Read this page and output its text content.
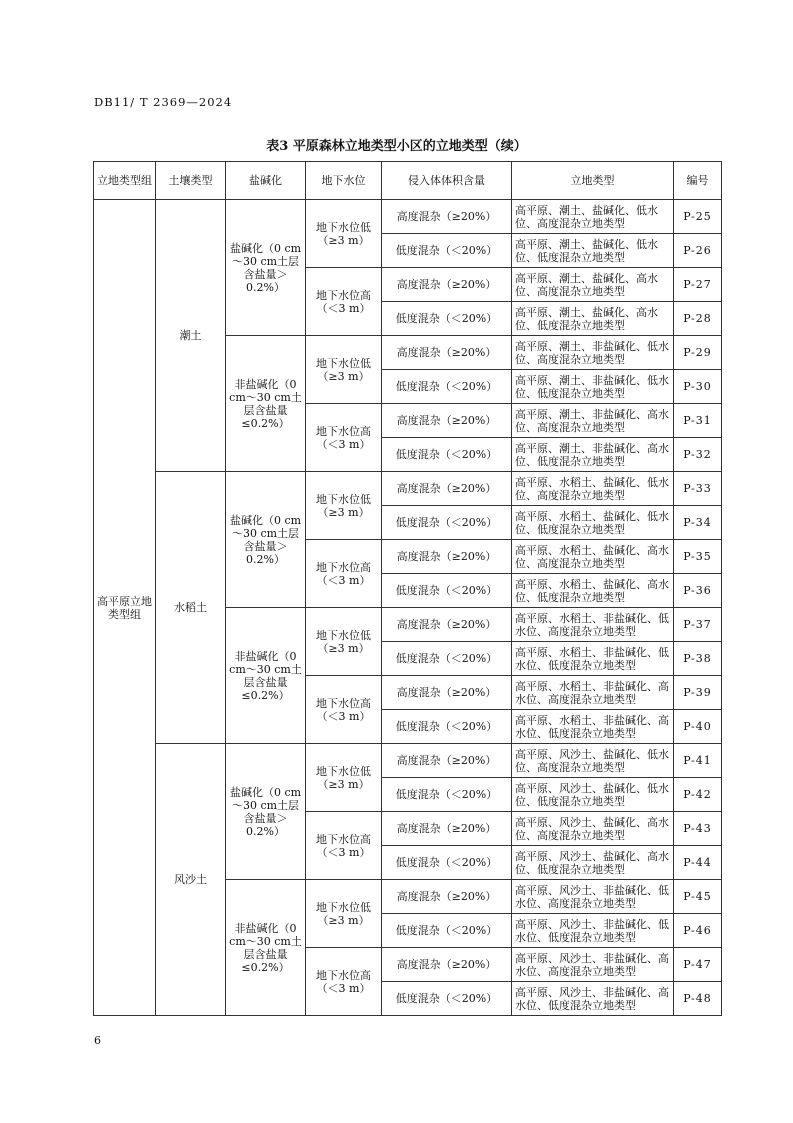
DB11/ T 2369—2024
表3 平原森林立地类型小区的立地类型（续）
立地类型组	土壤类型	盐碱化	地下水位	侵入体体积含量	立地类型	编号
高平原立地类型组	潮土	盐碱化（0 cm～30 cm土层含盐量＞0.2%）	地下水位低（≥3 m）	高度混杂（≥20%）	高平原、潮土、盐碱化、低水位、高度混杂立地类型	P-25
				低度混杂（＜20%）	高平原、潮土、盐碱化、低水位、低度混杂立地类型	P-26
			地下水位高（＜3 m）	高度混杂（≥20%）	高平原、潮土、盐碱化、高水位、高度混杂立地类型	P-27
				低度混杂（＜20%）	高平原、潮土、盐碱化、高水位、低度混杂立地类型	P-28
		非盐碱化（0 cm～30 cm土层含盐量≤0.2%）	地下水位低（≥3 m）	高度混杂（≥20%）	高平原、潮土、非盐碱化、低水位、高度混杂立地类型	P-29
				低度混杂（＜20%）	高平原、潮土、非盐碱化、低水位、低度混杂立地类型	P-30
			地下水位高（＜3 m）	高度混杂（≥20%）	高平原、潮土、非盐碱化、高水位、高度混杂立地类型	P-31
				低度混杂（＜20%）	高平原、潮土、非盐碱化、高水位、低度混杂立地类型	P-32
	水稻土	盐碱化（0 cm～30 cm土层含盐量＞0.2%）	地下水位低（≥3 m）	高度混杂（≥20%）	高平原、水稻土、盐碱化、低水位、高度混杂立地类型	P-33
				低度混杂（＜20%）	高平原、水稻土、盐碱化、低水位、低度混杂立地类型	P-34
			地下水位高（＜3 m）	高度混杂（≥20%）	高平原、水稻土、盐碱化、高水位、高度混杂立地类型	P-35
				低度混杂（＜20%）	高平原、水稻土、盐碱化、高水位、低度混杂立地类型	P-36
		非盐碱化（0 cm～30 cm土层含盐量≤0.2%）	地下水位低（≥3 m）	高度混杂（≥20%）	高平原、水稻土、非盐碱化、低水位、高度混杂立地类型	P-37
				低度混杂（＜20%）	高平原、水稻土、非盐碱化、低水位、低度混杂立地类型	P-38
			地下水位高（＜3 m）	高度混杂（≥20%）	高平原、水稻土、非盐碱化、高水位、高度混杂立地类型	P-39
				低度混杂（＜20%）	高平原、水稻土、非盐碱化、高水位、低度混杂立地类型	P-40
	风沙土	盐碱化（0 cm～30 cm土层含盐量＞0.2%）	地下水位低（≥3 m）	高度混杂（≥20%）	高平原、风沙土、盐碱化、低水位、高度混杂立地类型	P-41
				低度混杂（＜20%）	高平原、风沙土、盐碱化、低水位、低度混杂立地类型	P-42
			地下水位高（＜3 m）	高度混杂（≥20%）	高平原、风沙土、盐碱化、高水位、高度混杂立地类型	P-43
				低度混杂（＜20%）	高平原、风沙土、盐碱化、高水位、低度混杂立地类型	P-44
		非盐碱化（0 cm～30 cm土层含盐量≤0.2%）	地下水位低（≥3 m）	高度混杂（≥20%）	高平原、风沙土、非盐碱化、低水位、高度混杂立地类型	P-45
				低度混杂（＜20%）	高平原、风沙土、非盐碱化、低水位、低度混杂立地类型	P-46
			地下水位高（＜3 m）	高度混杂（≥20%）	高平原、风沙土、非盐碱化、高水位、高度混杂立地类型	P-47
				低度混杂（＜20%）	高平原、风沙土、非盐碱化、高水位、低度混杂立地类型	P-48
6
